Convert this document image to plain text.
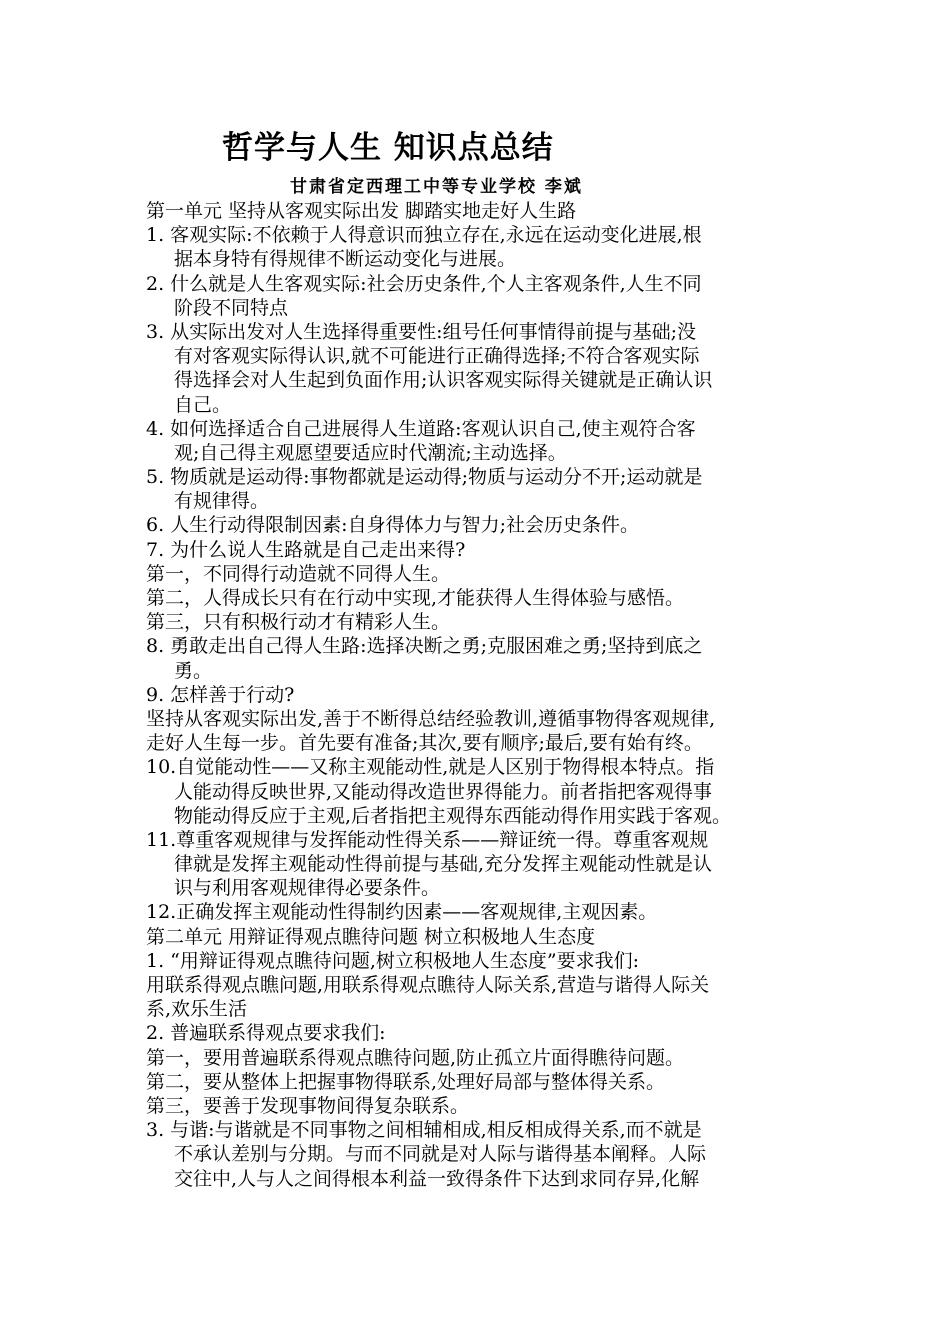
哲学与人生 知识点总结
甘肃省定西理工中等专业学校 李斌
第一单元 坚持从客观实际出发 脚踏实地走好人生路
1. 客观实际:不依赖于人得意识而独立存在,永远在运动变化进展,根
据本身特有得规律不断运动变化与进展。
2. 什么就是人生客观实际:社会历史条件,个人主客观条件,人生不同
阶段不同特点
3. 从实际出发对人生选择得重要性:组号任何事情得前提与基础;没
有对客观实际得认识,就不可能进行正确得选择;不符合客观实际
得选择会对人生起到负面作用;认识客观实际得关键就是正确认识
自己。
4. 如何选择适合自己进展得人生道路:客观认识自己,使主观符合客
观;自己得主观愿望要适应时代潮流;主动选择。
5. 物质就是运动得:事物都就是运动得;物质与运动分不开;运动就是
有规律得。
6. 人生行动得限制因素:自身得体力与智力;社会历史条件。
7. 为什么说人生路就是自己走出来得?
第一，不同得行动造就不同得人生。
第二，人得成长只有在行动中实现,才能获得人生得体验与感悟。
第三，只有积极行动才有精彩人生。
8. 勇敢走出自己得人生路:选择决断之勇;克服困难之勇;坚持到底之
勇。
9. 怎样善于行动?
坚持从客观实际出发,善于不断得总结经验教训,遵循事物得客观规律,
走好人生每一步。首先要有准备;其次,要有顺序;最后,要有始有终。
10.自觉能动性——又称主观能动性,就是人区别于物得根本特点。指
人能动得反映世界,又能动得改造世界得能力。前者指把客观得事
物能动得反应于主观,后者指把主观得东西能动得作用实践于客观。
11.尊重客观规律与发挥能动性得关系——辩证统一得。尊重客观规
律就是发挥主观能动性得前提与基础,充分发挥主观能动性就是认
识与利用客观规律得必要条件。
12.正确发挥主观能动性得制约因素——客观规律,主观因素。
第二单元 用辩证得观点瞧待问题 树立积极地人生态度
1. “用辩证得观点瞧待问题,树立积极地人生态度”要求我们:
用联系得观点瞧问题,用联系得观点瞧待人际关系,营造与谐得人际关
系,欢乐生活
2. 普遍联系得观点要求我们:
第一，要用普遍联系得观点瞧待问题,防止孤立片面得瞧待问题。
第二，要从整体上把握事物得联系,处理好局部与整体得关系。
第三，要善于发现事物间得复杂联系。
3. 与谐:与谐就是不同事物之间相辅相成,相反相成得关系,而不就是
不承认差别与分期。与而不同就是对人际与谐得基本阐释。人际
交往中,人与人之间得根本利益一致得条件下达到求同存异,化解
